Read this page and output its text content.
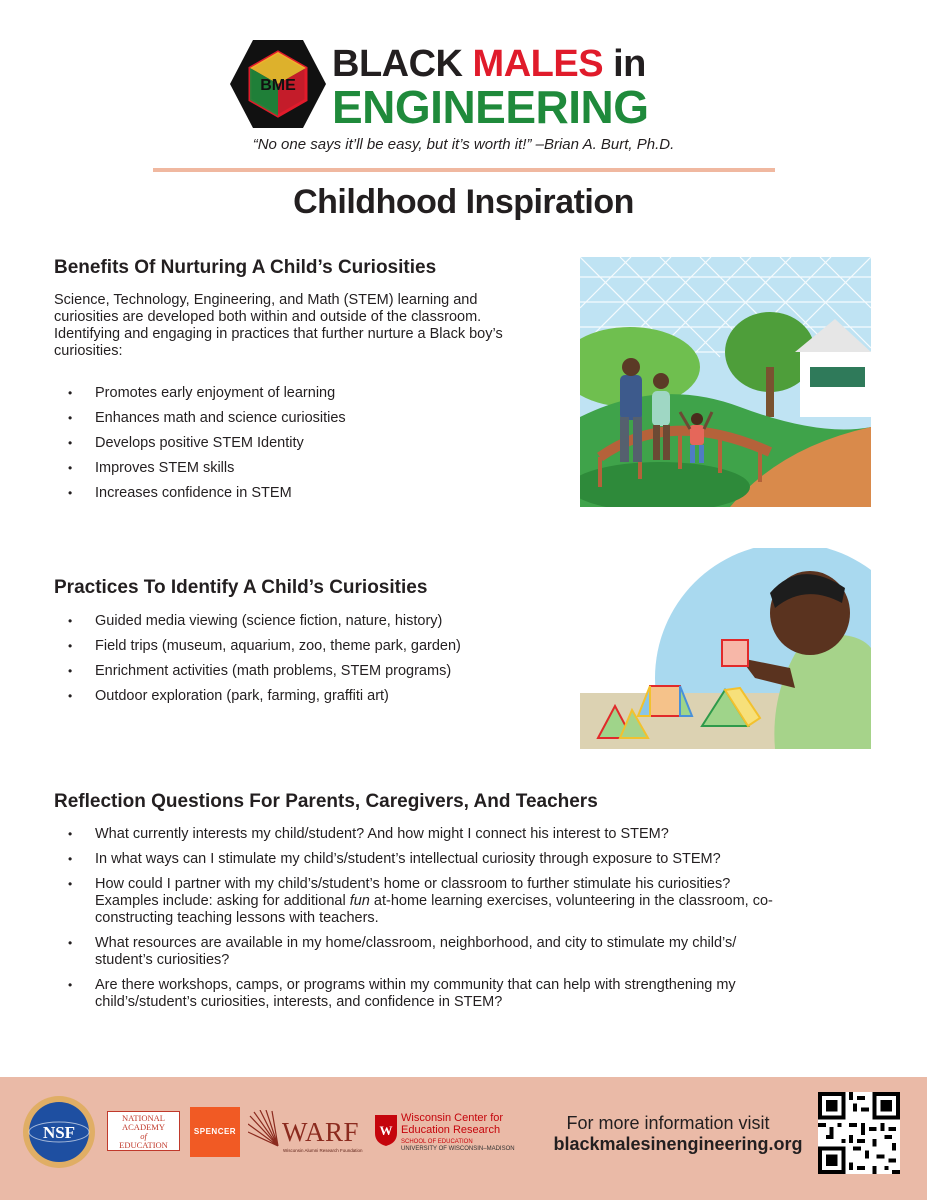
BME
BLACK MALES in
ENGINEERING
“No one says it’ll be easy, but it’s worth it!” –Brian A. Burt, Ph.D.
Childhood Inspiration
Benefits Of Nurturing A Child’s Curiosities
Science, Technology, Engineering, and Math (STEM) learning and curiosities are developed both within and outside of the classroom. Identifying and engaging in practices that further nurture a Black boy’s curiosities:
• Promotes early enjoyment of learning
• Enhances math and science curiosities
• Develops positive STEM Identity
• Improves STEM skills
• Increases confidence in STEM
Practices To Identify A Child’s Curiosities
• Guided media viewing (science fiction, nature, history)
• Field trips (museum, aquarium, zoo, theme park, garden)
• Enrichment activities (math problems, STEM programs)
• Outdoor exploration (park, farming, graffiti art)
Reflection Questions For Parents, Caregivers, And Teachers
• What currently interests my child/student? And how might I connect his interest to STEM?
• In what ways can I stimulate my child’s/student’s intellectual curiosity through exposure to STEM?
• How could I partner with my child’s/student’s home or classroom to further stimulate his curiosities?
Examples include: asking for additional fun at-home learning exercises, volunteering in the classroom, co-constructing teaching lessons with teachers.
• What resources are available in my home/classroom, neighborhood, and city to stimulate my child’s/ student’s curiosities?
• Are there workshops, camps, or programs within my community that can help with strengthening my child’s/student’s curiosities, interests, and confidence in STEM?
NSF
NATIONAL
ACADEMY
of
EDUCATION
SPENCER WARF
Wisconsin Alumni Research Foundation
W
Wisconsin Center for
Education Research
SCHOOL OF EDUCATION
UNIVERSITY OF WISCONSIN–MADISON
For more information visit
blackmalesinengineering.org
